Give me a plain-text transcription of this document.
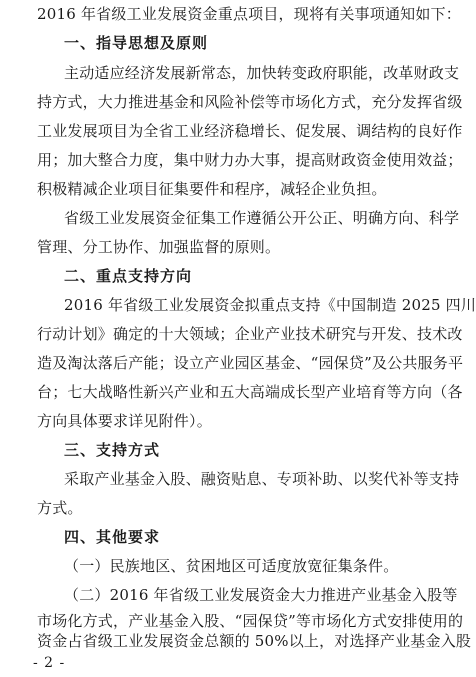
2016 年省级工业发展资金重点项目，现将有关事项通知如下：
一、指导思想及原则
主动适应经济发展新常态，加快转变政府职能，改革财政支
持方式，大力推进基金和风险补偿等市场化方式，充分发挥省级
工业发展项目为全省工业经济稳增长、促发展、调结构的良好作
用；加大整合力度，集中财力办大事，提高财政资金使用效益；
积极精减企业项目征集要件和程序，减轻企业负担。
省级工业发展资金征集工作遵循公开公正、明确方向、科学
管理、分工协作、加强监督的原则。
二、重点支持方向
2016 年省级工业发展资金拟重点支持《中国制造 2025 四川
行动计划》确定的十大领域；企业产业技术研究与开发、技术改
造及淘汰落后产能；设立产业园区基金、“园保贷”及公共服务平
台；七大战略性新兴产业和五大高端成长型产业培育等方向（各
方向具体要求详见附件）。
三、支持方式
采取产业基金入股、融资贴息、专项补助、以奖代补等支持
方式。
四、其他要求
（一）民族地区、贫困地区可适度放宽征集条件。
（二）2016 年省级工业发展资金大力推进产业基金入股等
市场化方式，产业基金入股、“园保贷”等市场化方式安排使用的
资金占省级工业发展资金总额的 50%以上，对选择产业基金入股
- 2 -
